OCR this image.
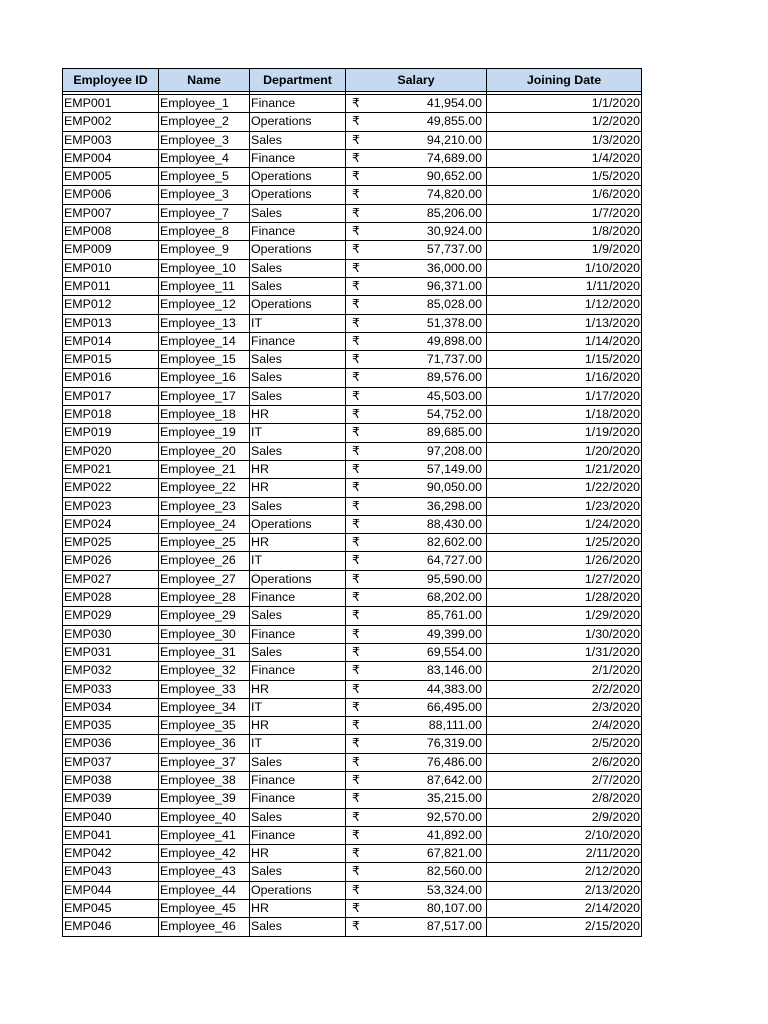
Employee ID	Name	Department	Salary	Joining Date

EMP001	Employee_1	Finance	₹ 41,954.00	1/1/2020
EMP002	Employee_2	Operations	₹ 49,855.00	1/2/2020
EMP003	Employee_3	Sales	₹ 94,210.00	1/3/2020
EMP004	Employee_4	Finance	₹ 74,689.00	1/4/2020
EMP005	Employee_5	Operations	₹ 90,652.00	1/5/2020
EMP006	Employee_3	Operations	₹ 74,820.00	1/6/2020
EMP007	Employee_7	Sales	₹ 85,206.00	1/7/2020
EMP008	Employee_8	Finance	₹ 30,924.00	1/8/2020
EMP009	Employee_9	Operations	₹ 57,737.00	1/9/2020
EMP010	Employee_10	Sales	₹ 36,000.00	1/10/2020
EMP011	Employee_11	Sales	₹ 96,371.00	1/11/2020
EMP012	Employee_12	Operations	₹ 85,028.00	1/12/2020
EMP013	Employee_13	IT	₹ 51,378.00	1/13/2020
EMP014	Employee_14	Finance	₹ 49,898.00	1/14/2020
EMP015	Employee_15	Sales	₹ 71,737.00	1/15/2020
EMP016	Employee_16	Sales	₹ 89,576.00	1/16/2020
EMP017	Employee_17	Sales	₹ 45,503.00	1/17/2020
EMP018	Employee_18	HR	₹ 54,752.00	1/18/2020
EMP019	Employee_19	IT	₹ 89,685.00	1/19/2020
EMP020	Employee_20	Sales	₹ 97,208.00	1/20/2020
EMP021	Employee_21	HR	₹ 57,149.00	1/21/2020
EMP022	Employee_22	HR	₹ 90,050.00	1/22/2020
EMP023	Employee_23	Sales	₹ 36,298.00	1/23/2020
EMP024	Employee_24	Operations	₹ 88,430.00	1/24/2020
EMP025	Employee_25	HR	₹ 82,602.00	1/25/2020
EMP026	Employee_26	IT	₹ 64,727.00	1/26/2020
EMP027	Employee_27	Operations	₹ 95,590.00	1/27/2020
EMP028	Employee_28	Finance	₹ 68,202.00	1/28/2020
EMP029	Employee_29	Sales	₹ 85,761.00	1/29/2020
EMP030	Employee_30	Finance	₹ 49,399.00	1/30/2020
EMP031	Employee_31	Sales	₹ 69,554.00	1/31/2020
EMP032	Employee_32	Finance	₹ 83,146.00	2/1/2020
EMP033	Employee_33	HR	₹ 44,383.00	2/2/2020
EMP034	Employee_34	IT	₹ 66,495.00	2/3/2020
EMP035	Employee_35	HR	₹ 88,111.00	2/4/2020
EMP036	Employee_36	IT	₹ 76,319.00	2/5/2020
EMP037	Employee_37	Sales	₹ 76,486.00	2/6/2020
EMP038	Employee_38	Finance	₹ 87,642.00	2/7/2020
EMP039	Employee_39	Finance	₹ 35,215.00	2/8/2020
EMP040	Employee_40	Sales	₹ 92,570.00	2/9/2020
EMP041	Employee_41	Finance	₹ 41,892.00	2/10/2020
EMP042	Employee_42	HR	₹ 67,821.00	2/11/2020
EMP043	Employee_43	Sales	₹ 82,560.00	2/12/2020
EMP044	Employee_44	Operations	₹ 53,324.00	2/13/2020
EMP045	Employee_45	HR	₹ 80,107.00	2/14/2020
EMP046	Employee_46	Sales	₹ 87,517.00	2/15/2020
